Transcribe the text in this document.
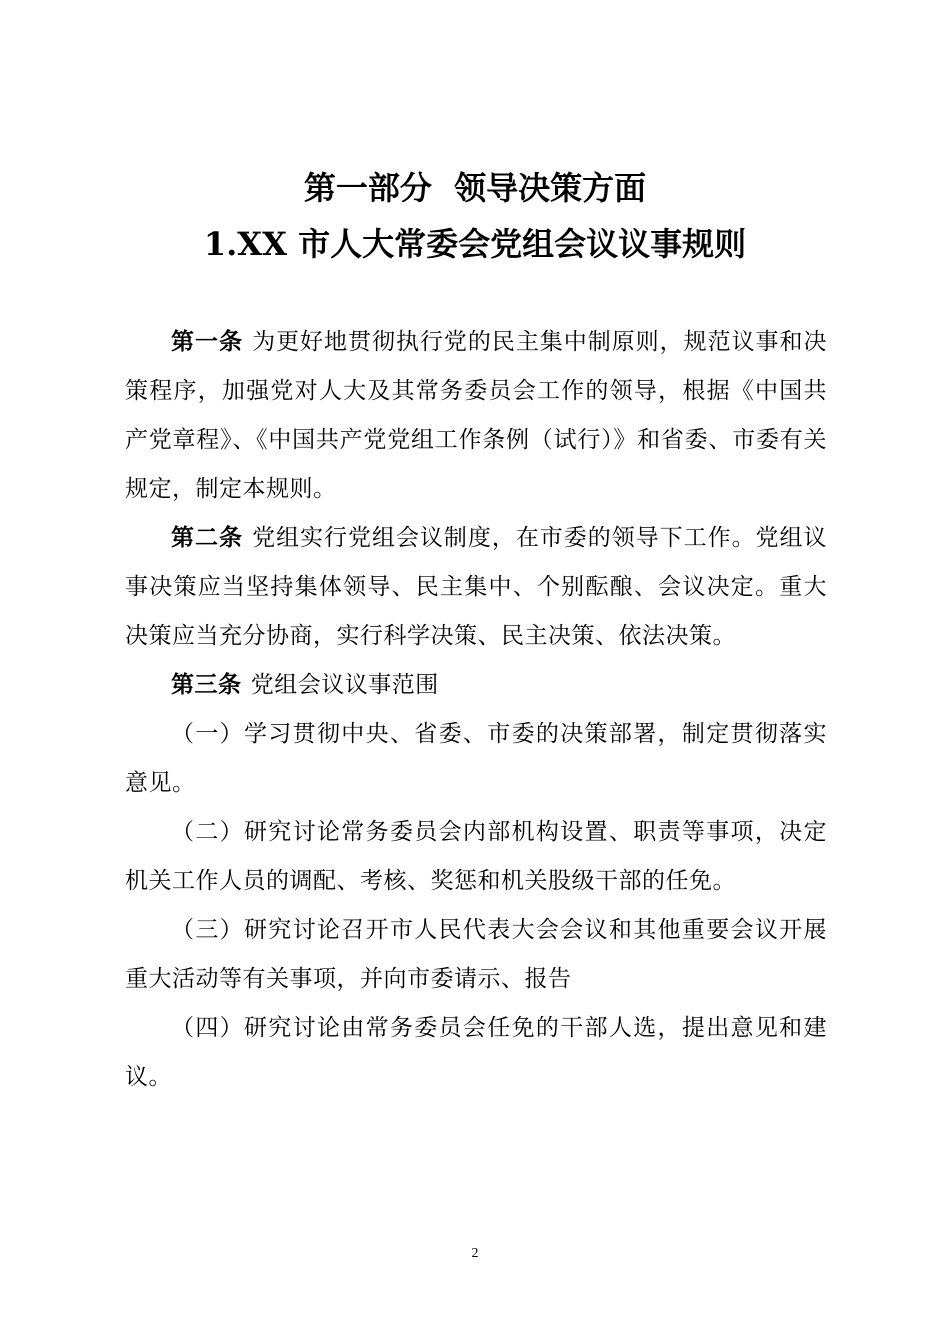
第一部分  领导决策方面
1.XX 市人大常委会党组会议议事规则

第一条 为更好地贯彻执行党的民主集中制原则，规范议事和决策程序，加强党对人大及其常务委员会工作的领导，根据《中国共产党章程》、《中国共产党党组工作条例（试行）》和省委、市委有关规定，制定本规则。

第二条 党组实行党组会议制度，在市委的领导下工作。党组议事决策应当坚持集体领导、民主集中、个别酝酿、会议决定。重大决策应当充分协商，实行科学决策、民主决策、依法决策。

第三条 党组会议议事范围

（一）学习贯彻中央、省委、市委的决策部署，制定贯彻落实意见。

（二）研究讨论常务委员会内部机构设置、职责等事项，决定机关工作人员的调配、考核、奖惩和机关股级干部的任免。

（三）研究讨论召开市人民代表大会会议和其他重要会议开展重大活动等有关事项，并向市委请示、报告

（四）研究讨论由常务委员会任免的干部人选，提出意见和建议。

2
